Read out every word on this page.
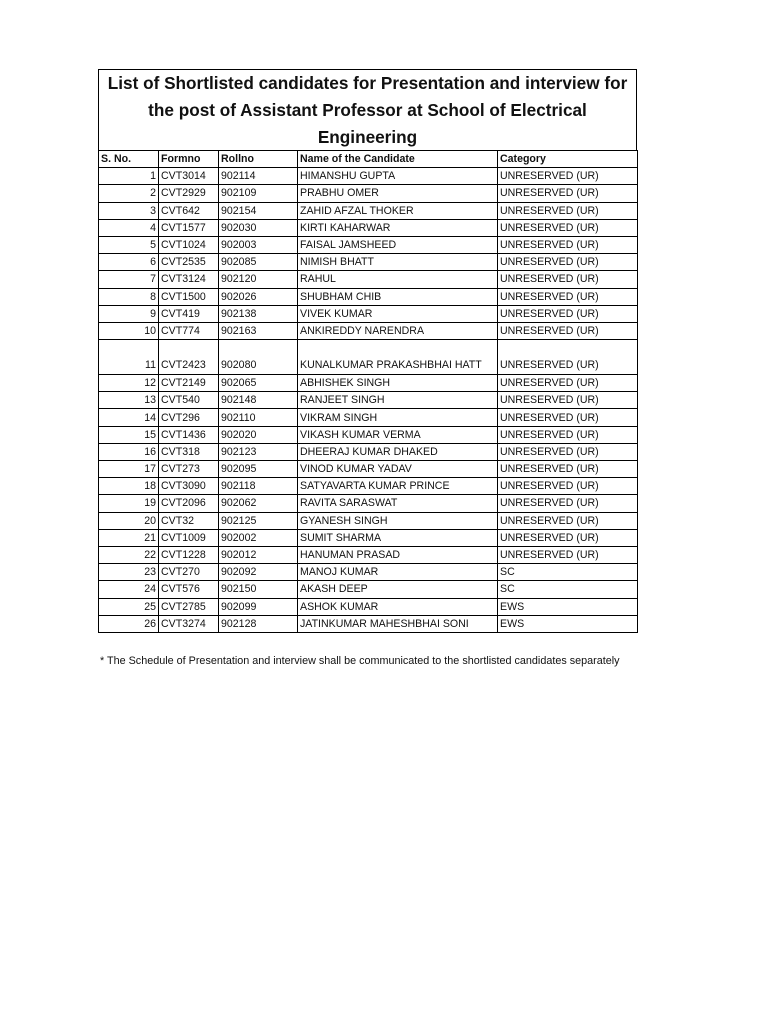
List of Shortlisted candidates for Presentation and interview for the post of Assistant Professor at School of Electrical Engineering

S. No.	Formno	Rollno	Name of the Candidate	Category
1	CVT3014	902114	HIMANSHU GUPTA	UNRESERVED (UR)
2	CVT2929	902109	PRABHU OMER	UNRESERVED (UR)
3	CVT642	902154	ZAHID AFZAL THOKER	UNRESERVED (UR)
4	CVT1577	902030	KIRTI KAHARWAR	UNRESERVED (UR)
5	CVT1024	902003	FAISAL JAMSHEED	UNRESERVED (UR)
6	CVT2535	902085	NIMISH BHATT	UNRESERVED (UR)
7	CVT3124	902120	RAHUL	UNRESERVED (UR)
8	CVT1500	902026	SHUBHAM CHIB	UNRESERVED (UR)
9	CVT419	902138	VIVEK KUMAR	UNRESERVED (UR)
10	CVT774	902163	ANKIREDDY NARENDRA	UNRESERVED (UR)
11	CVT2423	902080	KUNALKUMAR PRAKASHBHAI HATT	UNRESERVED (UR)
12	CVT2149	902065	ABHISHEK SINGH	UNRESERVED (UR)
13	CVT540	902148	RANJEET SINGH	UNRESERVED (UR)
14	CVT296	902110	VIKRAM SINGH	UNRESERVED (UR)
15	CVT1436	902020	VIKASH KUMAR VERMA	UNRESERVED (UR)
16	CVT318	902123	DHEERAJ KUMAR DHAKED	UNRESERVED (UR)
17	CVT273	902095	VINOD KUMAR YADAV	UNRESERVED (UR)
18	CVT3090	902118	SATYAVARTA KUMAR PRINCE	UNRESERVED (UR)
19	CVT2096	902062	RAVITA SARASWAT	UNRESERVED (UR)
20	CVT32	902125	GYANESH SINGH	UNRESERVED (UR)
21	CVT1009	902002	SUMIT SHARMA	UNRESERVED (UR)
22	CVT1228	902012	HANUMAN PRASAD	UNRESERVED (UR)
23	CVT270	902092	MANOJ KUMAR	SC
24	CVT576	902150	AKASH DEEP	SC
25	CVT2785	902099	ASHOK KUMAR	EWS
26	CVT3274	902128	JATINKUMAR MAHESHBHAI SONI	EWS
* The Schedule of Presentation and interview shall be communicated to the shortlisted candidates separately
